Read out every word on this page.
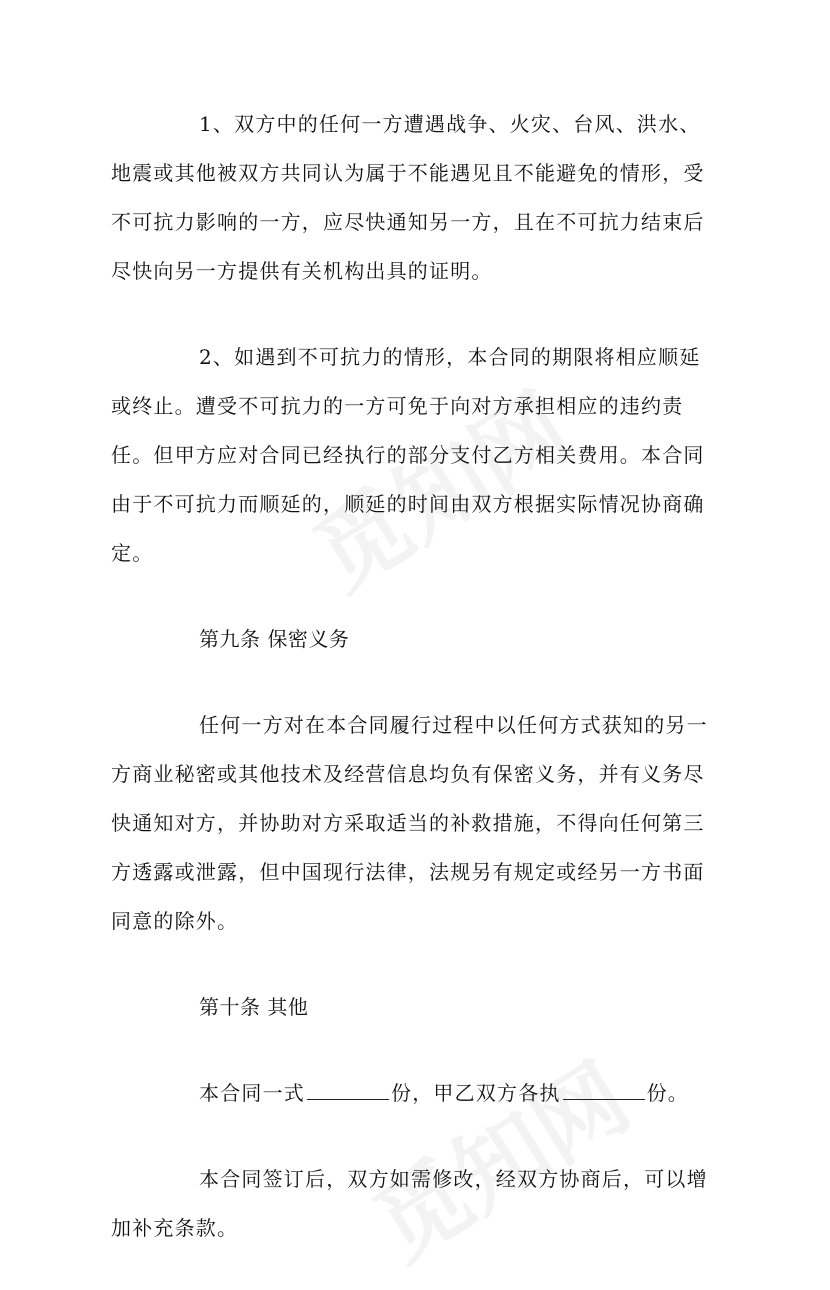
1、双方中的任何一方遭遇战争、火灾、台风、洪水、地震或其他被双方共同认为属于不能遇见且不能避免的情形，受不可抗力影响的一方，应尽快通知另一方，且在不可抗力结束后尽快向另一方提供有关机构出具的证明。

2、如遇到不可抗力的情形，本合同的期限将相应顺延或终止。遭受不可抗力的一方可免于向对方承担相应的违约责任。但甲方应对合同已经执行的部分支付乙方相关费用。本合同由于不可抗力而顺延的，顺延的时间由双方根据实际情况协商确定。

第九条 保密义务

任何一方对在本合同履行过程中以任何方式获知的另一方商业秘密或其他技术及经营信息均负有保密义务，并有义务尽快通知对方，并协助对方采取适当的补救措施，不得向任何第三方透露或泄露，但中国现行法律，法规另有规定或经另一方书面同意的除外。

第十条 其他

本合同一式	份，甲乙双方各执	份。

本合同签订后，双方如需修改，经双方协商后，可以增加补充条款。
